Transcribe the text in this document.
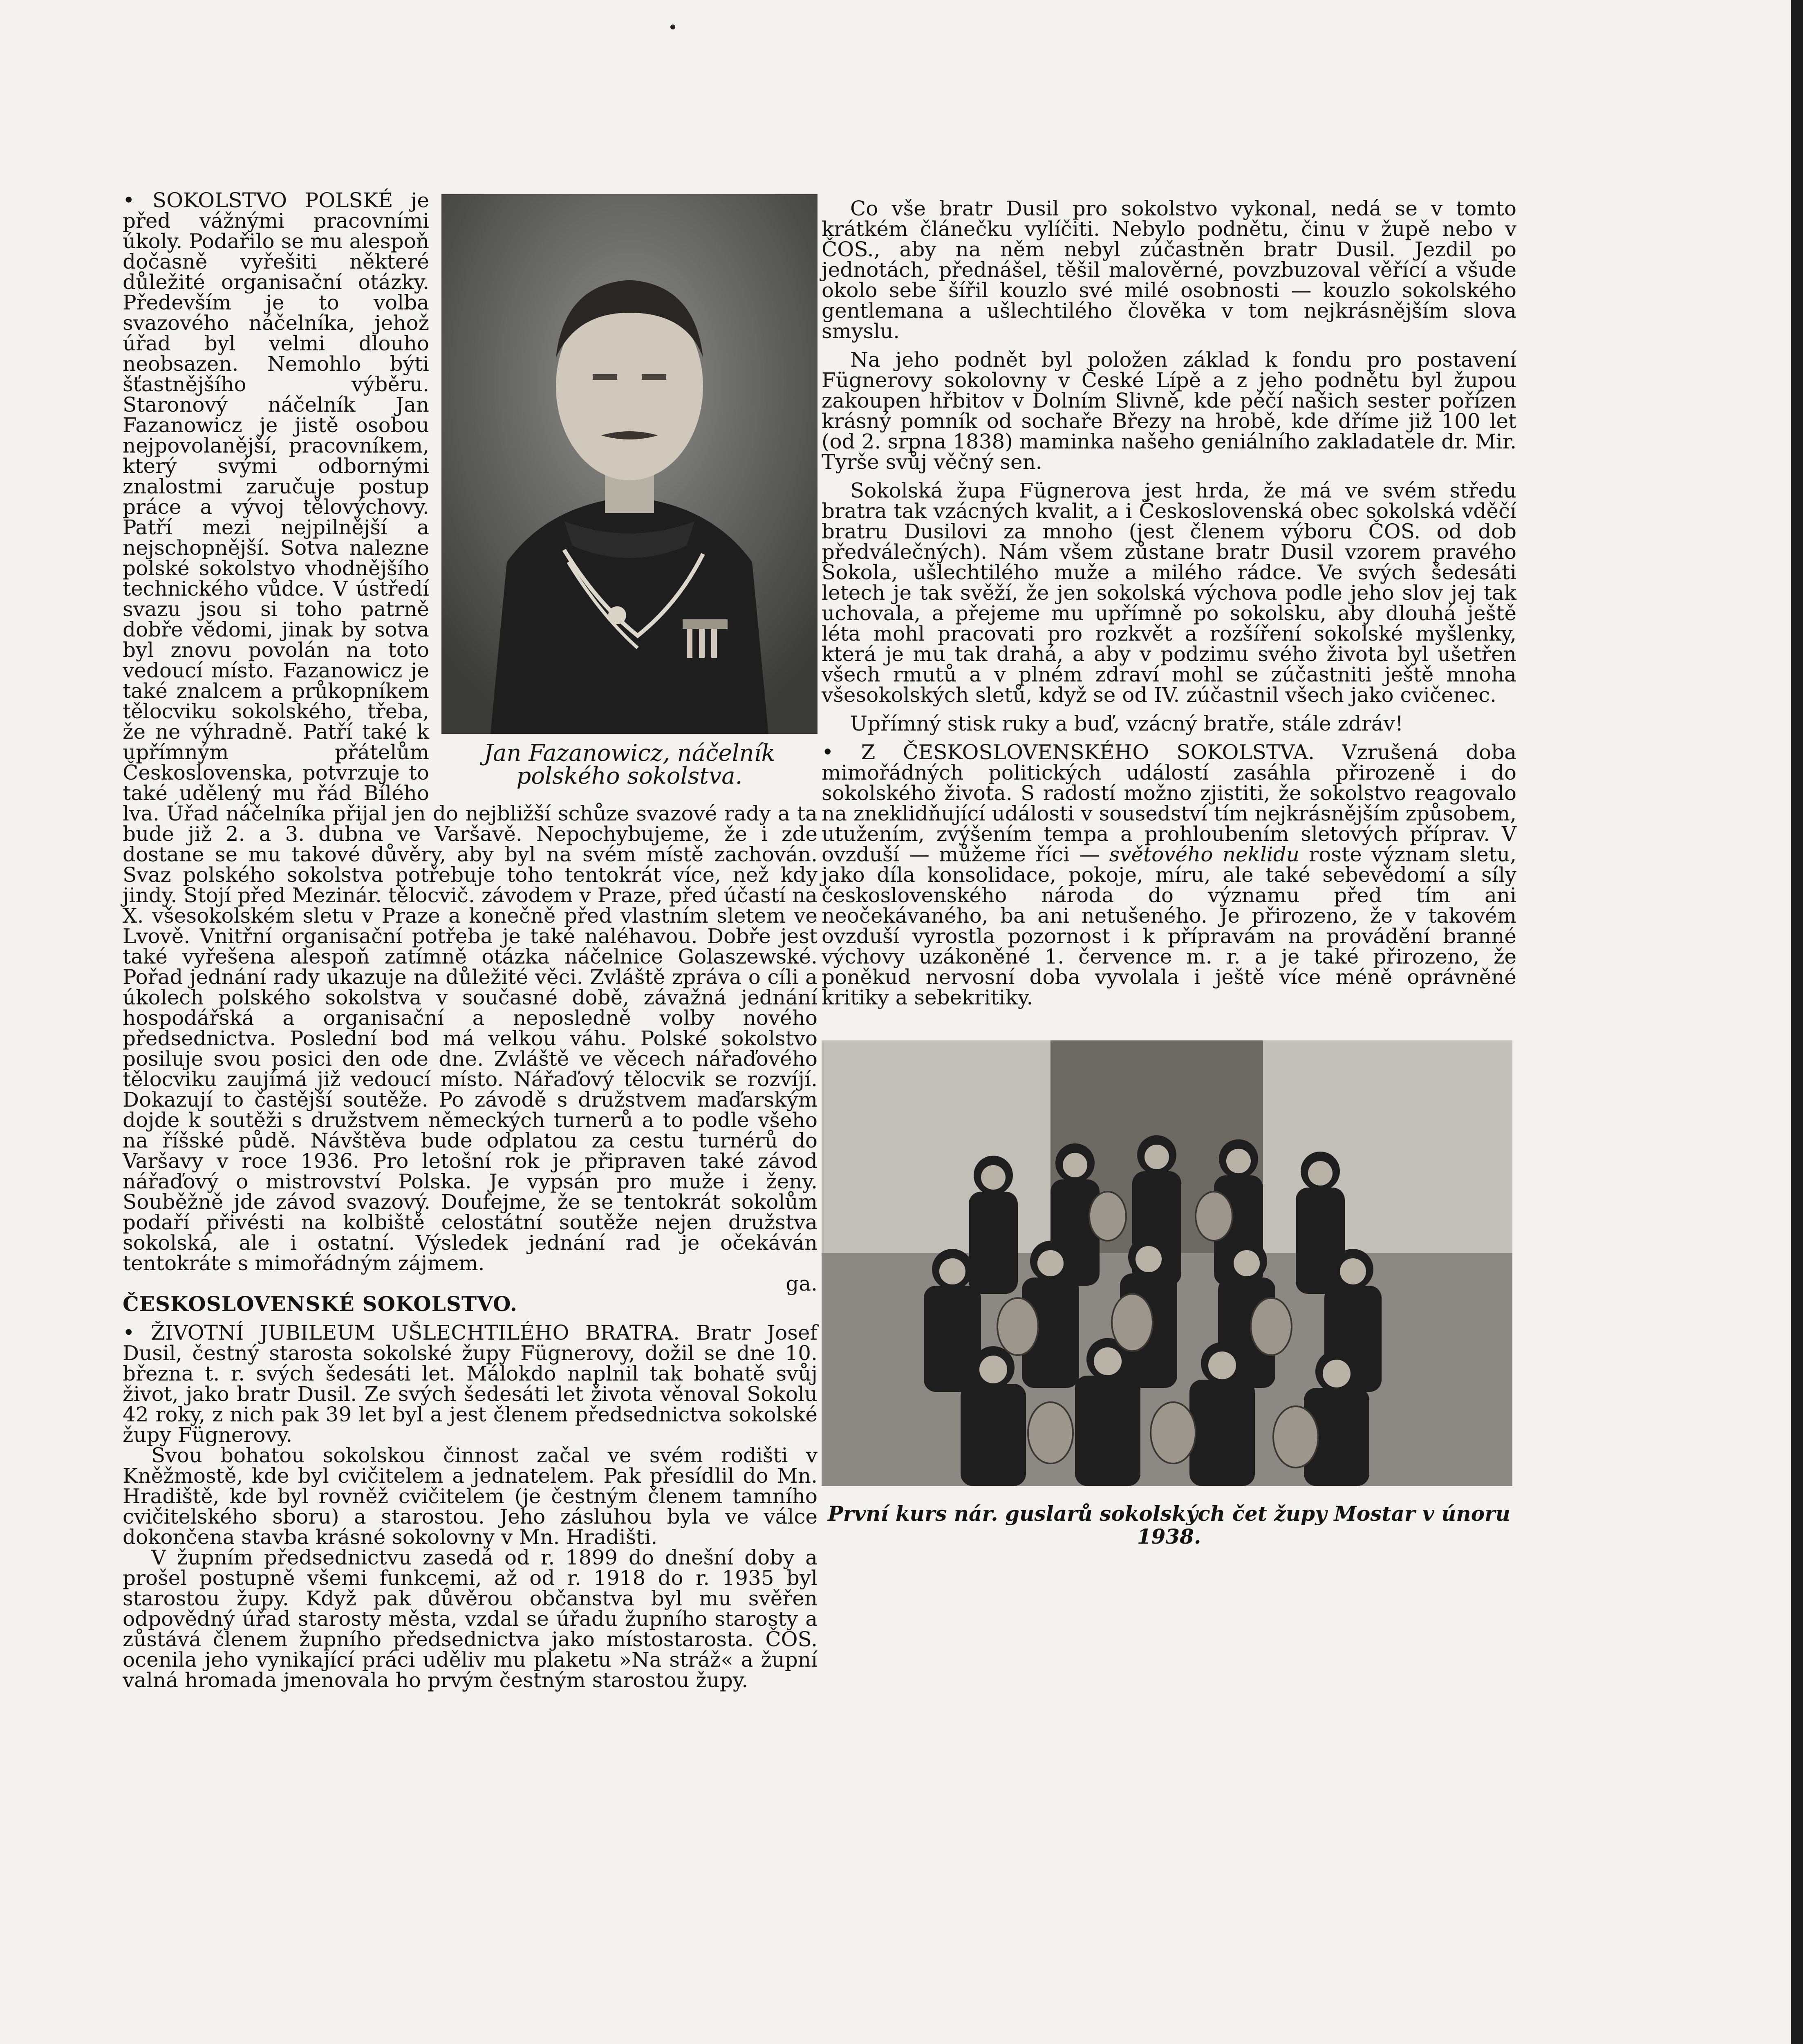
Jan Fazanowicz, náčelník polského sokolstva.

• SOKOLSTVO POLSKÉ je před vážnými pracovními úkoly. Podařilo se mu alespoň dočasně vyřešiti některé důležité organisační otázky. Především je to volba svazového náčelníka, jehož úřad byl velmi dlouho neobsazen. Nemohlo býti šťastnějšího výběru. Staronový náčelník Jan Fazanowicz je jistě osobou nejpovolanější, pracovníkem, který svými odbornými znalostmi zaručuje postup práce a vývoj tělovýchovy. Patří mezi nejpilnější a nejschopnější. Sotva nalezne polské sokolstvo vhodnějšího technického vůdce. V ústředí svazu jsou si toho patrně dobře vědomi, jinak by sotva byl znovu povolán na toto vedoucí místo. Fazanowicz je také znalcem a průkopníkem tělocviku sokolského, třeba, že ne výhradně. Patří také k upřímným přátelům Československa, potvrzuje to také udělený mu řád Bílého lva. Úřad náčelníka přijal jen do nejbližší schůze svazové rady a ta bude již 2. a 3. dubna ve Varšavě. Nepochybujeme, že i zde dostane se mu takové důvěry, aby byl na svém místě zachován. Svaz polského sokolstva potřebuje toho tentokrát více, než kdy jindy. Stojí před Mezinár. tělocvič. závodem v Praze, před účastí na X. všesokolském sletu v Praze a konečně před vlastním sletem ve Lvově. Vnitřní organisační potřeba je také naléhavou. Dobře jest také vyřešena alespoň zatímně otázka náčelnice Golaszewské. Pořad jednání rady ukazuje na důležité věci. Zvláště zpráva o cíli a úkolech polského sokolstva v současné době, závažná jednání hospodářská a organisační a neposledně volby nového předsednictva. Poslední bod má velkou váhu. Polské sokolstvo posiluje svou posici den ode dne. Zvláště ve věcech nářaďového tělocviku zaujímá již vedoucí místo. Nářaďový tělocvik se rozvíjí. Dokazují to častější soutěže. Po závodě s družstvem maďarským dojde k soutěži s družstvem německých turnerů a to podle všeho na říšské půdě. Návštěva bude odplatou za cestu turnérů do Varšavy v roce 1936. Pro letošní rok je připraven také závod nářaďový o mistrovství Polska. Je vypsán pro muže i ženy. Souběžně jde závod svazový. Doufejme, že se tentokrát sokolům podaří přivésti na kolbiště celostátní soutěže nejen družstva sokolská, ale i ostatní. Výsledek jednání rad je očekáván tentokráte s mimořádným zájmem.

ga.

ČESKOSLOVENSKÉ SOKOLSTVO.

• ŽIVOTNÍ JUBILEUM UŠLECHTILÉHO BRATRA. Bratr Josef Dusil, čestný starosta sokolské župy Fügnerovy, dožil se dne 10. března t. r. svých šedesáti let. Málokdo naplnil tak bohatě svůj život, jako bratr Dusil. Ze svých šedesáti let života věnoval Sokolu 42 roky, z nich pak 39 let byl a jest členem předsednictva sokolské župy Fügnerovy.

Svou bohatou sokolskou činnost začal ve svém rodišti v Kněžmostě, kde byl cvičitelem a jednatelem. Pak přesídlil do Mn. Hradiště, kde byl rovněž cvičitelem (je čestným členem tamního cvičitelského sboru) a starostou. Jeho zásluhou byla ve válce dokončena stavba krásné sokolovny v Mn. Hradišti.

V župním předsednictvu zasedá od r. 1899 do dnešní doby a prošel postupně všemi funkcemi, až od r. 1918 do r. 1935 byl starostou župy. Když pak důvěrou občanstva byl mu svěřen odpovědný úřad starosty města, vzdal se úřadu župního starosty a zůstává členem župního předsednictva jako místostarosta. ČOS. ocenila jeho vynikající práci uděliv mu plaketu »Na stráž« a župní valná hromada jmenovala ho prvým čestným starostou župy.

Co vše bratr Dusil pro sokolstvo vykonal, nedá se v tomto krátkém článečku vylíčiti. Nebylo podnětu, činu v župě nebo v ČOS., aby na něm nebyl zúčastněn bratr Dusil. Jezdil po jednotách, přednášel, těšil malověrné, povzbuzoval věřící a všude okolo sebe šířil kouzlo své milé osobnosti — kouzlo sokolského gentlemana a ušlechtilého člověka v tom nejkrásnějším slova smyslu.

Na jeho podnět byl položen základ k fondu pro postavení Fügnerovy sokolovny v České Lípě a z jeho podnětu byl župou zakoupen hřbitov v Dolním Slivně, kde péčí našich sester pořízen krásný pomník od sochaře Březy na hrobě, kde dříme již 100 let (od 2. srpna 1838) maminka našeho geniálního zakladatele dr. Mir. Tyrše svůj věčný sen.

Sokolská župa Fügnerova jest hrda, že má ve svém středu bratra tak vzácných kvalit, a i Československá obec sokolská vděčí bratru Dusilovi za mnoho (jest členem výboru ČOS. od dob předválečných). Nám všem zůstane bratr Dusil vzorem pravého Sokola, ušlechtilého muže a milého rádce. Ve svých šedesáti letech je tak svěží, že jen sokolská výchova podle jeho slov jej tak uchovala, a přejeme mu upřímně po sokolsku, aby dlouhá ještě léta mohl pracovati pro rozkvět a rozšíření sokolské myšlenky, která je mu tak drahá, a aby v podzimu svého života byl ušetřen všech rmutů a v plném zdraví mohl se zúčastniti ještě mnoha všesokolských sletů, když se od IV. zúčastnil všech jako cvičenec.

Upřímný stisk ruky a buď, vzácný bratře, stále zdráv!

• Z ČESKOSLOVENSKÉHO SOKOLSTVA. Vzrušená doba mimořádných politických událostí zasáhla přirozeně i do sokolského života. S radostí možno zjistiti, že sokolstvo reagovalo na zneklidňující události v sousedství tím nejkrásnějším způsobem, utužením, zvýšením tempa a prohloubením sletových příprav. V ovzduší — můžeme říci — světového neklidu roste význam sletu, jako díla konsolidace, pokoje, míru, ale také sebevědomí a síly československého národa do významu před tím ani neočekávaného, ba ani netušeného. Je přirozeno, že v takovém ovzduší vyrostla pozornost i k přípravám na provádění branné výchovy uzákoněné 1. července m. r. a je také přirozeno, že poněkud nervosní doba vyvolala i ještě více méně oprávněné kritiky a sebekritiky.

První kurs nár. guslarů sokolských čet župy Mostar v únoru 1938.
